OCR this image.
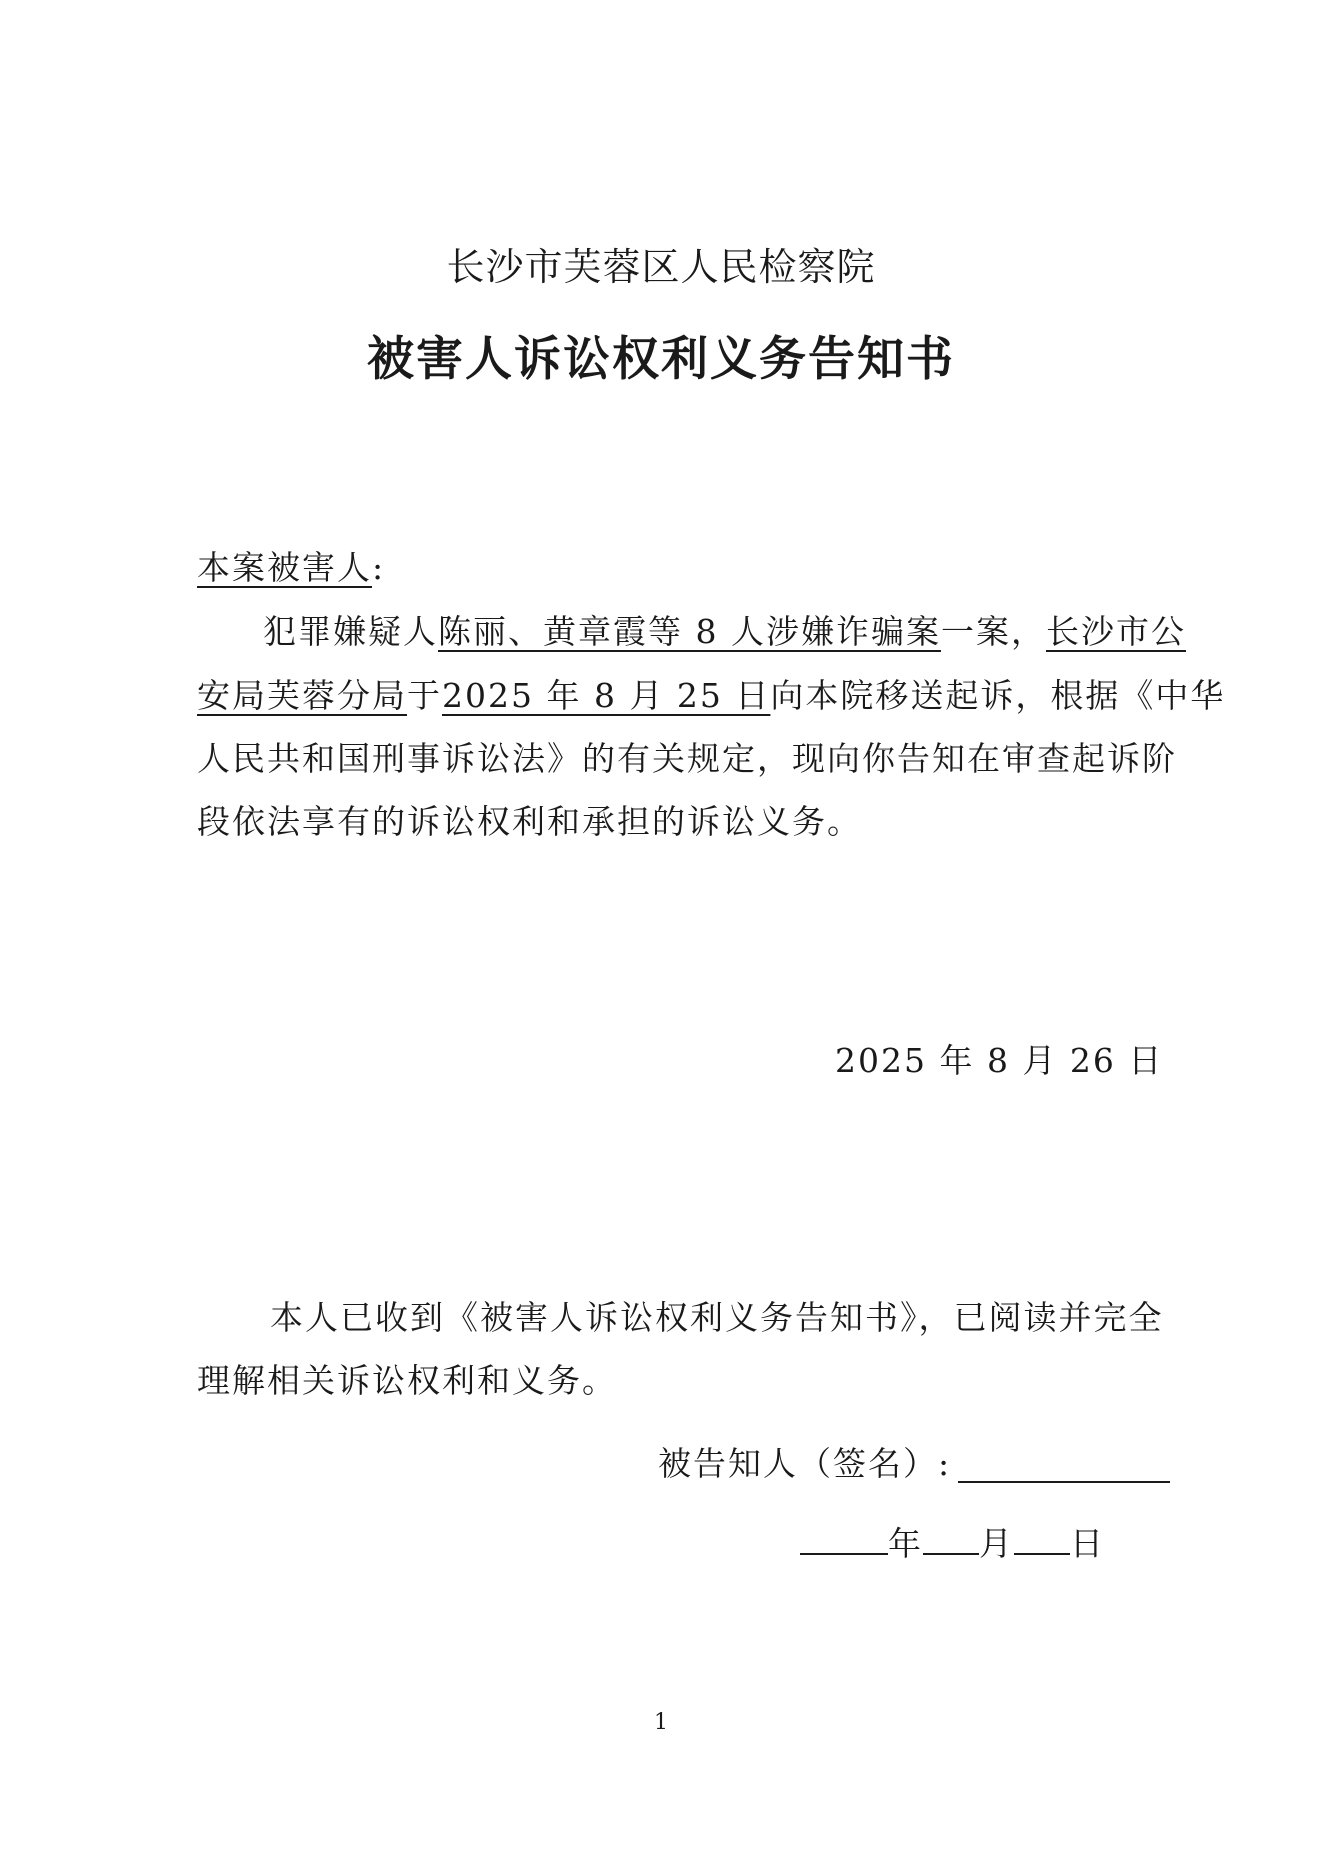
长沙市芙蓉区人民检察院
被害人诉讼权利义务告知书
本案被害人:
犯罪嫌疑人陈丽、黄章霞等 8 人涉嫌诈骗案一案，长沙市公
安局芙蓉分局于2025 年 8 月 25 日向本院移送起诉，根据《中华
人民共和国刑事诉讼法》的有关规定，现向你告知在审查起诉阶
段依法享有的诉讼权利和承担的诉讼义务。
2025 年 8 月 26 日
本人已收到《被害人诉讼权利义务告知书》，已阅读并完全
理解相关诉讼权利和义务。
被告知人（签名）:
年 月 日
1
